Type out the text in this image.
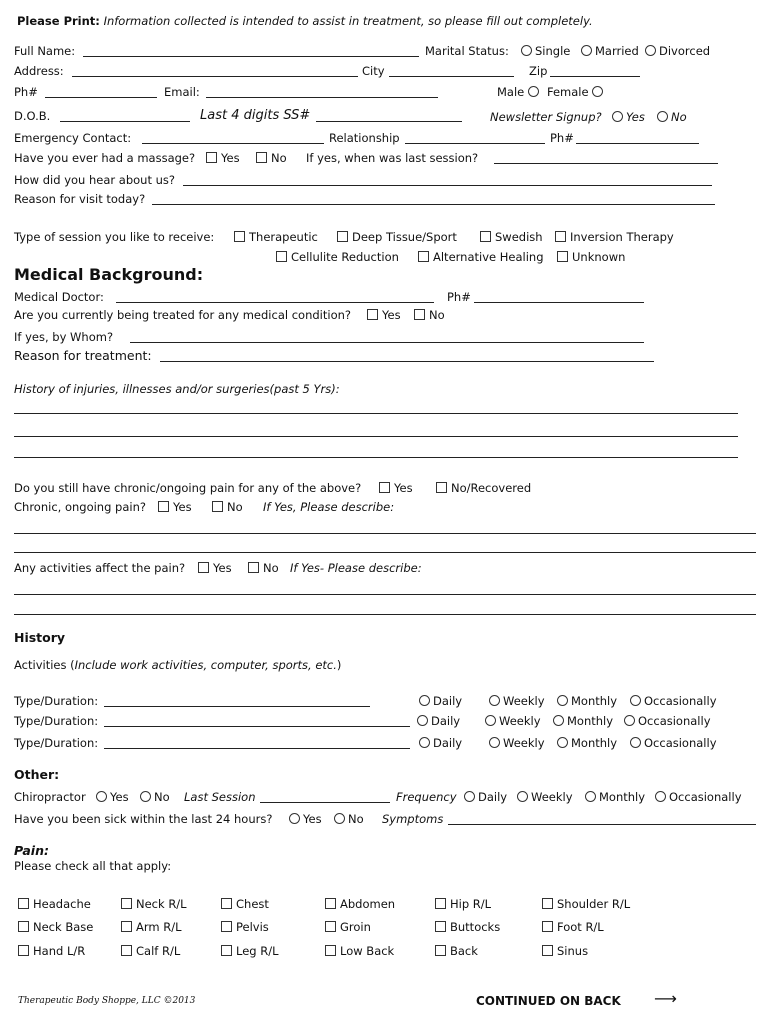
Please Print: Information collected is intended to assist in treatment, so please fill out completely.
Full Name:	Marital Status:	Single	Married	Divorced
Address:	City	Zip
Ph#	Email:	Male	Female
D.O.B.	Last 4 digits SS#	Newsletter Signup?	Yes	No
Emergency Contact:	Relationship	Ph#
Have you ever had a massage?	Yes	No If yes, when was last session?
How did you hear about us?
Reason for visit today?
Type of session you like to receive:	Therapeutic	Deep Tissue/Sport	Swedish	Inversion Therapy
Cellulite Reduction	Alternative Healing	Unknown
Medical Background:
Medical Doctor:	Ph#
Are you currently being treated for any medical condition?	Yes	No
If yes, by Whom?
Reason for treatment:
History of injuries, illnesses and/or surgeries(past 5 Yrs):
Do you still have chronic/ongoing pain for any of the above?	Yes	No/Recovered
Chronic, ongoing pain?	Yes	No If Yes, Please describe:
Any activities affect the pain?	Yes	No If Yes- Please describe:
History
Activities (Include work activities, computer, sports, etc.)
Type/Duration:	Daily	Weekly	Monthly	Occasionally
Type/Duration:	Daily	Weekly	Monthly	Occasionally
Type/Duration:	Daily	Weekly	Monthly	Occasionally
Other:
Chiropractor	Yes	No Last Session	Frequency	Daily	Weekly	Monthly	Occasionally
Have you been sick within the last 24 hours?	Yes	No Symptoms
Pain:
Please check all that apply:
Headache	Neck R/L	Chest	Abdomen	Hip R/L	Shoulder R/L
Neck Base	Arm R/L	Pelvis	Groin	Buttocks	Foot R/L
Hand L/R	Calf R/L	Leg R/L	Low Back	Back	Sinus
Therapeutic Body Shoppe, LLC ©2013	CONTINUED ON BACK ⟶
